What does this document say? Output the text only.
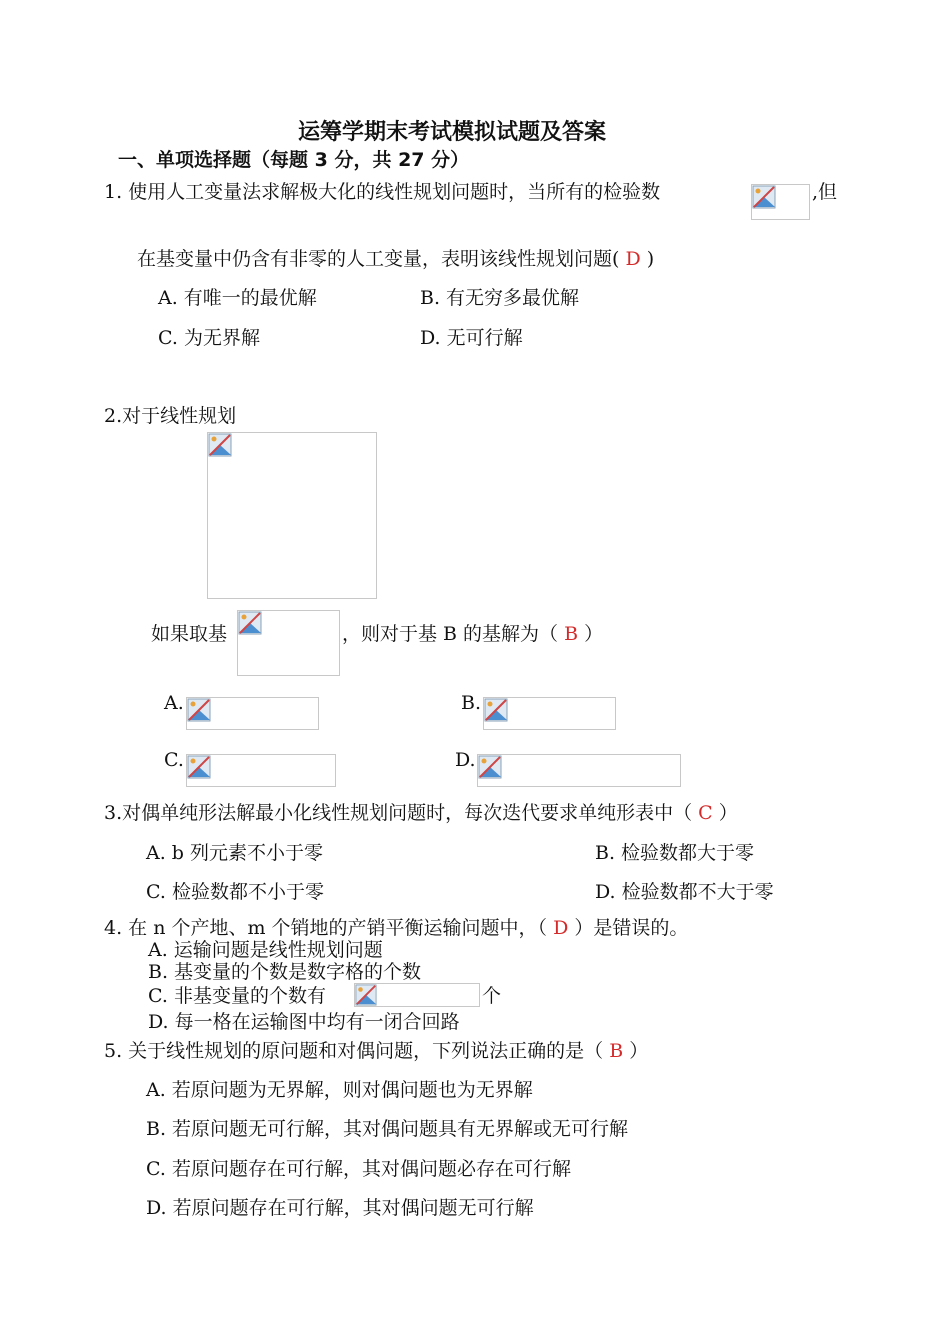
运筹学期末考试模拟试题及答案
一、单项选择题（每题 3 分，共 27 分）
1. 使用人工变量法求解极大化的线性规划问题时，当所有的检验数	,但
在基变量中仍含有非零的人工变量，表明该线性规划问题( D )
A. 有唯一的最优解	B. 有无穷多最优解
C. 为无界解	D. 无可行解
2.对于线性规划
如果取基	，则对于基 B 的基解为（ B ）
A.	B.
C.	D.
3.对偶单纯形法解最小化线性规划问题时，每次迭代要求单纯形表中（ C ）
A. b 列元素不小于零	B. 检验数都大于零
C. 检验数都不小于零	D. 检验数都不大于零
4. 在 n 个产地、m 个销地的产销平衡运输问题中，（ D ）是错误的。
A. 运输问题是线性规划问题
B. 基变量的个数是数字格的个数
C. 非基变量的个数有	个
D. 每一格在运输图中均有一闭合回路
5. 关于线性规划的原问题和对偶问题，下列说法正确的是（ B ）
A. 若原问题为无界解，则对偶问题也为无界解
B. 若原问题无可行解，其对偶问题具有无界解或无可行解
C. 若原问题存在可行解，其对偶问题必存在可行解
D. 若原问题存在可行解，其对偶问题无可行解
